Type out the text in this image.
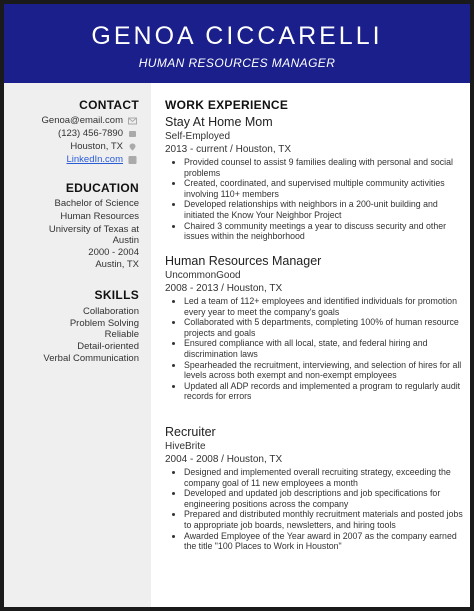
GENOA CICCARELLI
HUMAN RESOURCES MANAGER
CONTACT
Genoa@email.com
(123) 456-7890
Houston, TX
LinkedIn.com
EDUCATION
Bachelor of Science
Human Resources
University of Texas at
Austin
2000 - 2004
Austin, TX
SKILLS
Collaboration
Problem Solving
Reliable
Detail-oriented
Verbal Communication
WORK EXPERIENCE
Stay At Home Mom
Self-Employed
2013 - current / Houston, TX
• Provided counsel to assist 9 families dealing with personal and social problems
• Created, coordinated, and supervised multiple community activities involving 110+ members
• Developed relationships with neighbors in a 200-unit building and initiated the Know Your Neighbor Project
• Chaired 3 community meetings a year to discuss security and other issues within the neighborhood
Human Resources Manager
UncommonGood
2008 - 2013 / Houston, TX
• Led a team of 112+ employees and identified individuals for promotion every year to meet the company's goals
• Collaborated with 5 departments, completing 100% of human resource projects and goals
• Ensured compliance with all local, state, and federal hiring and discrimination laws
• Spearheaded the recruitment, interviewing, and selection of hires for all levels across both exempt and non-exempt employees
• Updated all ADP records and implemented a program to regularly audit records for errors
Recruiter
HiveBrite
2004 - 2008 / Houston, TX
• Designed and implemented overall recruiting strategy, exceeding the company goal of 11 new employees a month
• Developed and updated job descriptions and job specifications for engineering positions across the company
• Prepared and distributed monthly recruitment materials and posted jobs to appropriate job boards, newsletters, and hiring tools
• Awarded Employee of the Year award in 2007 as the company earned the title "100 Places to Work in Houston"
